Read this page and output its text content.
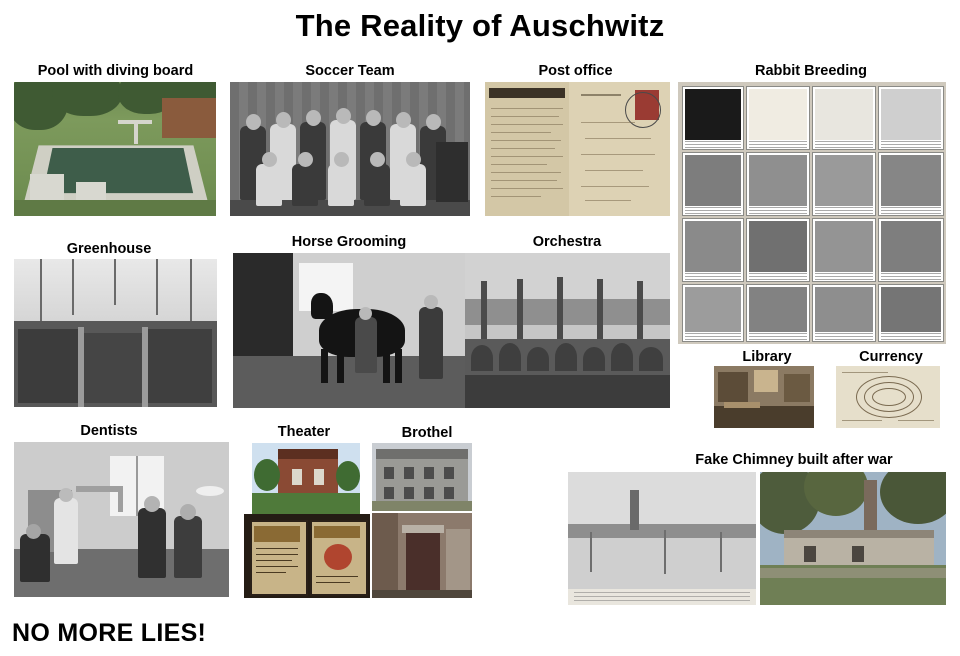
The Reality of Auschwitz
Pool with diving board	Soccer Team	Post office	Rabbit Breeding
Greenhouse	Horse Grooming	Orchestra
Library	Currency
Dentists	Theater	Brothel
Fake Chimney built after war
NO MORE LIES!
